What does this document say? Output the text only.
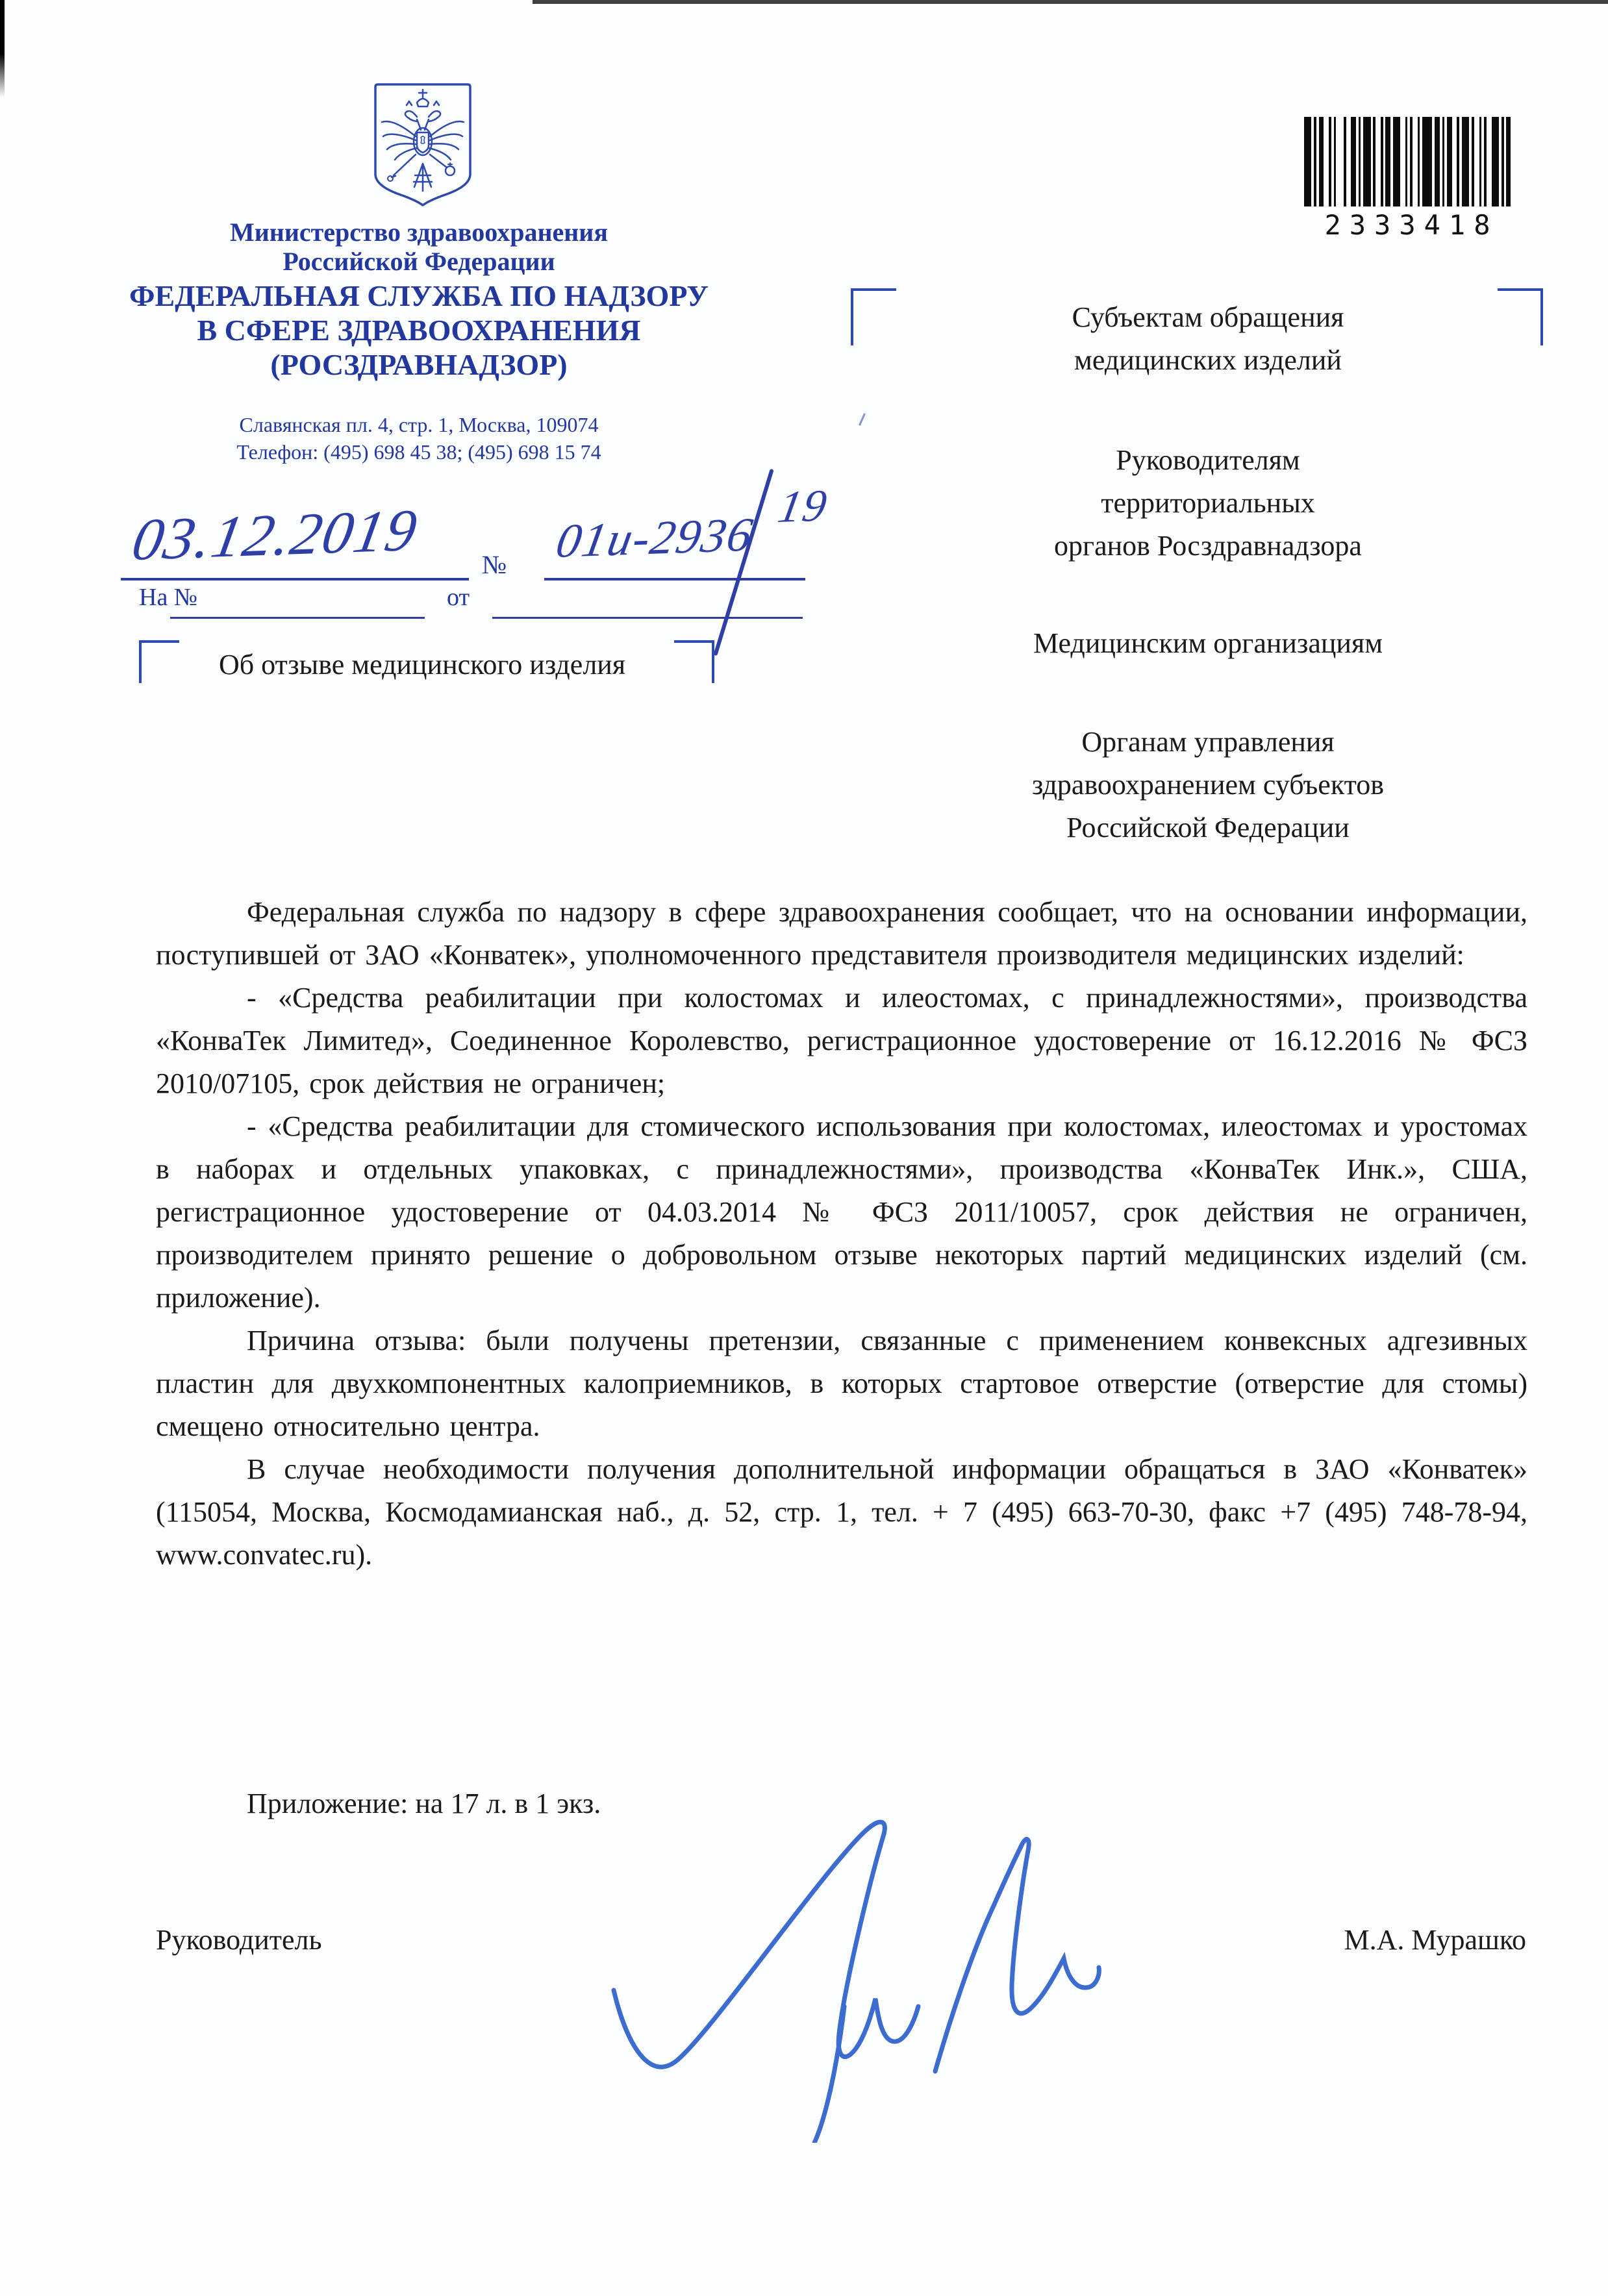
Министерство здравоохранения
Российской Федерации
ФЕДЕРАЛЬНАЯ СЛУЖБА ПО НАДЗОРУ
В СФЕРЕ ЗДРАВООХРАНЕНИЯ
(РОСЗДРАВНАДЗОР)
Славянская пл. 4, стр. 1, Москва, 109074
Телефон: (495) 698 45 38; (495) 698 15 74
03.12.2019 № 01и-2936
19
На №	от
Об отзыве медицинского изделия
Субъектам обращения
медицинских изделий
Руководителям
территориальных
органов Росздравнадзора
Медицинским организациям
Органам управления
здравоохранением субъектов
Российской Федерации

Федеральная служба по надзору в сфере здравоохранения сообщает, что на основании информации, поступившей от ЗАО «Конватек», уполномоченного представителя производителя медицинских изделий:

- «Средства реабилитации при колостомах и илеостомах, с принадлежностями», производства «КонваТек Лимитед», Соединенное Королевство, регистрационное удостоверение от 16.12.2016 № ФСЗ 2010/07105, срок действия не ограничен;

- «Средства реабилитации для стомического использования при колостомах, илеостомах и уростомах в наборах и отдельных упаковках, с принадлежностями», производства «КонваТек Инк.», США, регистрационное удостоверение от 04.03.2014 № ФСЗ 2011/10057, срок действия не ограничен, производителем принято решение о добровольном отзыве некоторых партий медицинских изделий (см. приложение).

Причина отзыва: были получены претензии, связанные с применением конвексных адгезивных пластин для двухкомпонентных калоприемников, в которых стартовое отверстие (отверстие для стомы) смещено относительно центра.

В случае необходимости получения дополнительной информации обращаться в ЗАО «Конватек» (115054, Москва, Космодамианская наб., д. 52, стр. 1, тел. + 7 (495) 663-70-30, факс +7 (495) 748-78-94, www.convatec.ru).

Приложение: на 17 л. в 1 экз.
Руководитель	М.А. Мурашко
2333418
